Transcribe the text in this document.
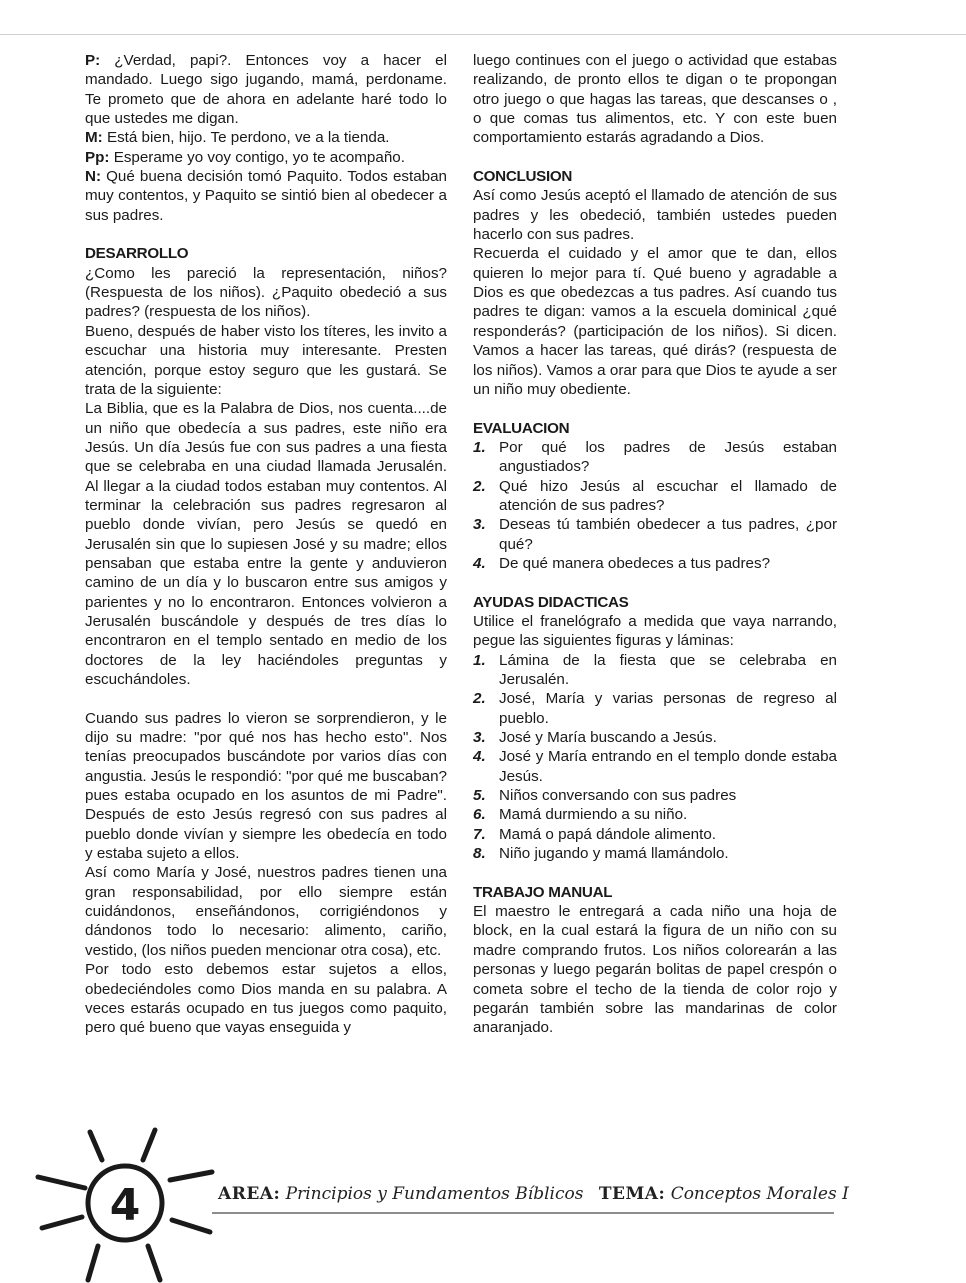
P: ¿Verdad, papi?. Entonces voy a hacer el mandado. Luego sigo jugando, mamá, perdoname. Te prometo que de ahora en adelante haré todo lo que ustedes me digan.

M: Está bien, hijo. Te perdono, ve a la tienda.

Pp: Esperame yo voy contigo, yo te acompaño.

N: Qué buena decisión tomó Paquito. Todos estaban muy contentos, y Paquito se sintió bien al obedecer a sus padres.

DESARROLLO

¿Como les pareció la representación, niños? (Respuesta de los niños). ¿Paquito obedeció a sus padres? (respuesta de los niños).

Bueno, después de haber visto los títeres, les invito a escuchar una historia muy interesante. Presten atención, porque estoy seguro que les gustará. Se trata de la siguiente:

La Biblia, que es la Palabra de Dios, nos cuenta....de un niño que obedecía a sus padres, este niño era Jesús. Un día Jesús fue con sus padres a una fiesta que se celebraba en una ciudad llamada Jerusalén. Al llegar a la ciudad todos estaban muy contentos. Al terminar la celebración sus padres regresaron al pueblo donde vivían, pero Jesús se quedó en Jerusalén sin que lo supiesen José y su madre; ellos pensaban que estaba entre la gente y anduvieron camino de un día y lo buscaron entre sus amigos y parientes y no lo encontraron. Entonces volvieron a Jerusalén buscándole y después de tres días lo encontraron en el templo sentado en medio de los doctores de la ley haciéndoles preguntas y escuchándoles.

Cuando sus padres lo vieron se sorprendieron, y le dijo su madre: "por qué nos has hecho esto". Nos tenías preocupados buscándote por varios días con angustia. Jesús le respondió: "por qué me buscaban? pues estaba ocupado en los asuntos de mi Padre". Después de esto Jesús regresó con sus padres al pueblo donde vivían y siempre les obedecía en todo y estaba sujeto a ellos.

Así como María y José, nuestros padres tienen una gran responsabilidad, por ello siempre están cuidándonos, enseñándonos, corrigiéndonos y dándonos todo lo necesario: alimento, cariño, vestido, (los niños pueden mencionar otra cosa), etc.

Por todo esto debemos estar sujetos a ellos, obedeciéndoles como Dios manda en su palabra. A veces estarás ocupado en tus juegos como paquito, pero qué bueno que vayas enseguida y

luego continues con el juego o actividad que estabas realizando, de pronto ellos te digan o te propongan otro juego o que hagas las tareas, que descanses o , o que comas tus alimentos, etc. Y con este buen comportamiento estarás agradando a Dios.

CONCLUSION

Así como Jesús aceptó el llamado de atención de sus padres y les obedeció, también ustedes pueden hacerlo con sus padres.

Recuerda el cuidado y el amor que te dan, ellos quieren lo mejor para tí. Qué bueno y agradable a Dios es que obedezcas a tus padres. Así cuando tus padres te digan: vamos a la escuela dominical ¿qué responderás? (participación de los niños). Si dicen. Vamos a hacer las tareas, qué dirás? (respuesta de los niños). Vamos a orar para que Dios te ayude a ser un niño muy obediente.

EVALUACION
1. Por qué los padres de Jesús estaban angustiados?
2. Qué hizo Jesús al escuchar el llamado de atención de sus padres?
3. Deseas tú también obedecer a tus padres, ¿por qué?
4. De qué manera obedeces a tus padres?
AYUDAS DIDACTICAS

Utilice el franelógrafo a medida que vaya narrando, pegue las siguientes figuras y láminas:

1. Lámina de la fiesta que se celebraba en Jerusalén.
2. José, María y varias personas de regreso al pueblo.
3. José y María buscando a Jesús.
4. José y María entrando en el templo donde estaba Jesús.
5. Niños conversando con sus padres
6. Mamá durmiendo a su niño.
7. Mamá o papá dándole alimento.
8. Niño jugando y mamá llamándolo.
TRABAJO MANUAL

El maestro le entregará a cada niño una hoja de block, en la cual estará la figura de un niño con su madre comprando frutos. Los niños colorearán a las personas y luego pegarán bolitas de papel crespón o cometa sobre el techo de la tienda de color rojo y pegarán también sobre las mandarinas de color anaranjado.

4	AREA: Principios y Fundamentos Bíblicos TEMA: Conceptos Morales I
